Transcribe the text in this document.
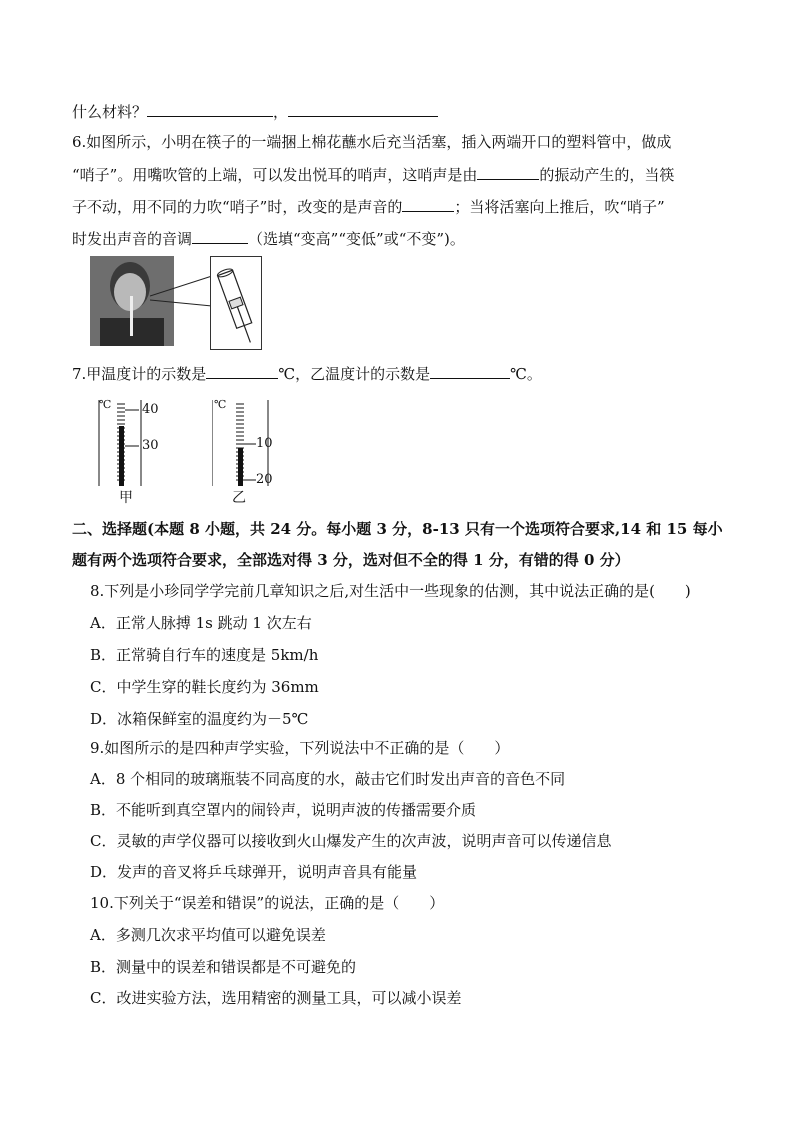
什么材料？	，
6.如图所示，小明在筷子的一端捆上棉花蘸水后充当活塞，插入两端开口的塑料管中，做成
“哨子”。用嘴吹管的上端，可以发出悦耳的哨声，这哨声是由	的振动产生的，当筷
子不动，用不同的力吹“哨子”时，改变的是声音的	；当将活塞向上推后，吹“哨子”
时发出声音的音调	（选填“变高”“变低”或“不变”)。
7.甲温度计的示数是	℃，乙温度计的示数是	℃。
℃ 40
30
甲
℃
10
20
乙
二、选择题(本题 8 小题，共 24 分。每小题 3 分，8-13 只有一个选项符合要求,14 和 15 每小
题有两个选项符合要求，全部选对得 3 分，选对但不全的得 1 分，有错的得 0 分）
8.下列是小珍同学学完前几章知识之后,对生活中一些现象的估测，其中说法正确的是(　　)
A．正常人脉搏 1s 跳动 1 次左右
B．正常骑自行车的速度是 5km/h
C．中学生穿的鞋长度约为 36mm
D．冰箱保鲜室的温度约为－5℃
9.如图所示的是四种声学实验，下列说法中不正确的是（　　）
A．8 个相同的玻璃瓶装不同高度的水，敲击它们时发出声音的音色不同
B．不能听到真空罩内的闹铃声，说明声波的传播需要介质
C．灵敏的声学仪器可以接收到火山爆发产生的次声波，说明声音可以传递信息
D．发声的音叉将乒乓球弹开，说明声音具有能量
10.下列关于“误差和错误”的说法，正确的是（　　）
A．多测几次求平均值可以避免误差
B．测量中的误差和错误都是不可避免的
C．改进实验方法，选用精密的测量工具，可以减小误差
